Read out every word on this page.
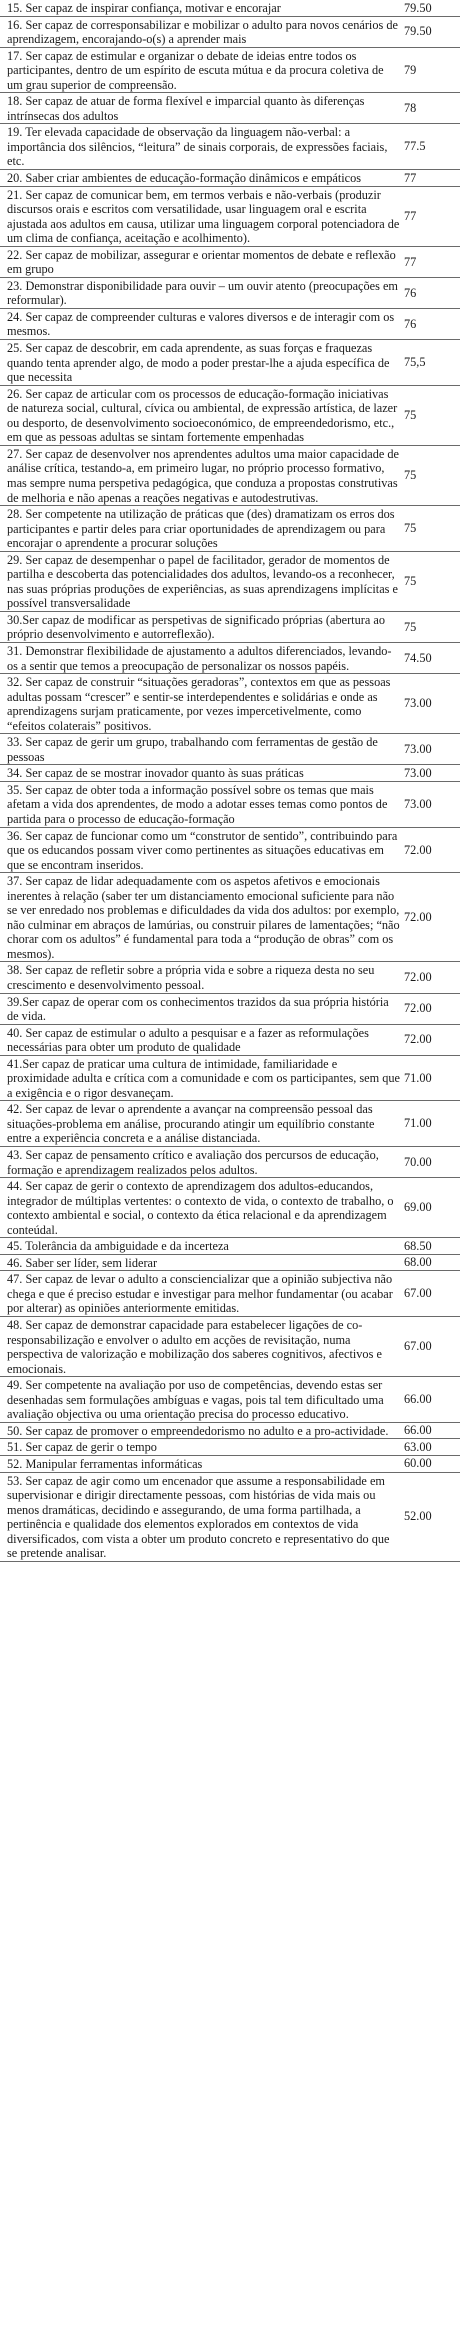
15. Ser capaz de inspirar confiança, motivar e encorajar	79.50
16. Ser capaz de corresponsabilizar e mobilizar o adulto para novos cenários de aprendizagem, encorajando-o(s) a aprender mais
79.50
17. Ser capaz de estimular e organizar o debate de ideias entre todos os participantes, dentro de um espírito de escuta mútua e da procura coletiva de um grau superior de compreensão.
79
18. Ser capaz de atuar de forma flexível e imparcial quanto às diferenças intrínsecas dos adultos
78
19. Ter elevada capacidade de observação da linguagem não-verbal: a importância dos silêncios, “leitura” de sinais corporais, de expressões faciais, etc.
77.5
20. Saber criar ambientes de educação-formação dinâmicos e empáticos	77
21. Ser capaz de comunicar bem, em termos verbais e não-verbais (produzir discursos orais e escritos com versatilidade, usar linguagem oral e escrita ajustada aos adultos em causa, utilizar uma linguagem corporal potenciadora de um clima de confiança, aceitação e acolhimento).
77
22. Ser capaz de mobilizar, assegurar e orientar momentos de debate e reflexão em grupo
77
23. Demonstrar disponibilidade para ouvir – um ouvir atento (preocupações em reformular).
76
24. Ser capaz de compreender culturas e valores diversos e de interagir com os mesmos.
76
25. Ser capaz de descobrir, em cada aprendente, as suas forças e fraquezas quando tenta aprender algo, de modo a poder prestar-lhe a ajuda específica de que necessita
75,5
26. Ser capaz de articular com os processos de educação-formação iniciativas de natureza social, cultural, cívica ou ambiental, de expressão artística, de lazer ou desporto, de desenvolvimento socioeconómico, de empreendedorismo, etc., em que as pessoas adultas se sintam fortemente empenhadas
75
27. Ser capaz de desenvolver nos aprendentes adultos uma maior capacidade de análise crítica, testando-a, em primeiro lugar, no próprio processo formativo, mas sempre numa perspetiva pedagógica, que conduza a propostas construtivas de melhoria e não apenas a reações negativas e autodestrutivas.
75
28. Ser competente na utilização de práticas que (des) dramatizam os erros dos participantes e partir deles para criar oportunidades de aprendizagem ou para encorajar o aprendente a procurar soluções
75
29. Ser capaz de desempenhar o papel de facilitador, gerador de momentos de partilha e descoberta das potencialidades dos adultos, levando-os a reconhecer, nas suas próprias produções de experiências, as suas aprendizagens implícitas e possível transversalidade
75
30.Ser capaz de modificar as perspetivas de significado próprias (abertura ao próprio desenvolvimento e autorreflexão).
75
31. Demonstrar flexibilidade de ajustamento a adultos diferenciados, levando-os a sentir que temos a preocupação de personalizar os nossos papéis.
74.50
32. Ser capaz de construir “situações geradoras”, contextos em que as pessoas adultas possam “crescer” e sentir-se interdependentes e solidárias e onde as aprendizagens surjam praticamente, por vezes impercetivelmente, como “efeitos colaterais” positivos.
73.00
33. Ser capaz de gerir um grupo, trabalhando com ferramentas de gestão de pessoas
73.00
34. Ser capaz de se mostrar inovador quanto às suas práticas	73.00
35. Ser capaz de obter toda a informação possível sobre os temas que mais afetam a vida dos aprendentes, de modo a adotar esses temas como pontos de partida para o processo de educação-formação
73.00
36. Ser capaz de funcionar como um “construtor de sentido”, contribuindo para que os educandos possam viver como pertinentes as situações educativas em que se encontram inseridos.
72.00
37. Ser capaz de lidar adequadamente com os aspetos afetivos e emocionais inerentes à relação (saber ter um distanciamento emocional suficiente para não se ver enredado nos problemas e dificuldades da vida dos adultos: por exemplo, não culminar em abraços de lamúrias, ou construir pilares de lamentações; “não chorar com os adultos” é fundamental para toda a “produção de obras” com os mesmos).
72.00
38. Ser capaz de refletir sobre a própria vida e sobre a riqueza desta no seu crescimento e desenvolvimento pessoal.
72.00
39.Ser capaz de operar com os conhecimentos trazidos da sua própria história de vida.
72.00
40. Ser capaz de estimular o adulto a pesquisar e a fazer as reformulações necessárias para obter um produto de qualidade
72.00
41.Ser capaz de praticar uma cultura de intimidade, familiaridade e proximidade adulta e crítica com a comunidade e com os participantes, sem que a exigência e o rigor desvaneçam.
71.00
42. Ser capaz de levar o aprendente a avançar na compreensão pessoal das situações-problema em análise, procurando atingir um equilíbrio constante entre a experiência concreta e a análise distanciada.
71.00
43. Ser capaz de pensamento crítico e avaliação dos percursos de educação, formação e aprendizagem realizados pelos adultos.
70.00
44. Ser capaz de gerir o contexto de aprendizagem dos adultos-educandos, integrador de múltiplas vertentes: o contexto de vida, o contexto de trabalho, o contexto ambiental e social, o contexto da ética relacional e da aprendizagem conteúdal.
69.00
45. Tolerância da ambiguidade e da incerteza	68.50
46. Saber ser líder, sem liderar	68.00
47. Ser capaz de levar o adulto a consciencializar que a opinião subjectiva não chega e que é preciso estudar e investigar para melhor fundamentar (ou acabar por alterar) as opiniões anteriormente emitidas.
67.00
48. Ser capaz de demonstrar capacidade para estabelecer ligações de co-responsabilização e envolver o adulto em acções de revisitação, numa perspectiva de valorização e mobilização dos saberes cognitivos, afectivos e emocionais.
67.00
49. Ser competente na avaliação por uso de competências, devendo estas ser desenhadas sem formulações ambíguas e vagas, pois tal tem dificultado uma avaliação objectiva ou uma orientação precisa do processo educativo.
66.00
50. Ser capaz de promover o empreendedorismo no adulto e a pro-actividade.	66.00
51. Ser capaz de gerir o tempo	63.00
52. Manipular ferramentas informáticas	60.00
53. Ser capaz de agir como um encenador que assume a responsabilidade em supervisionar e dirigir directamente pessoas, com histórias de vida mais ou menos dramáticas, decidindo e assegurando, de uma forma partilhada, a pertinência e qualidade dos elementos explorados em contextos de vida diversificados, com vista a obter um produto concreto e representativo do que se pretende analisar.
52.00
